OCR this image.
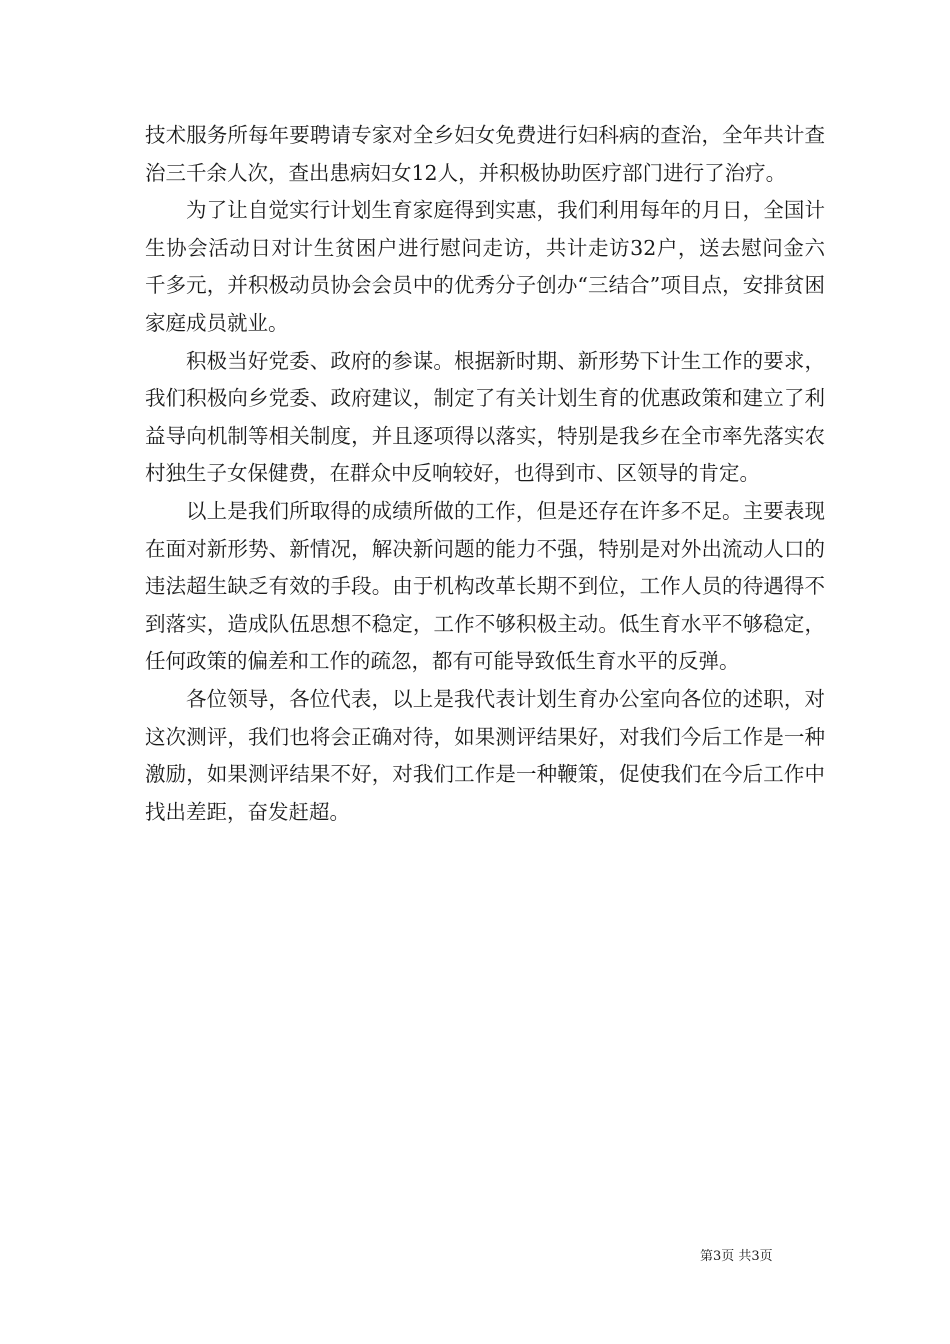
技术服务所每年要聘请专家对全乡妇女免费进行妇科病的查治，全年共计查治三千余人次，查出患病妇女12人，并积极协助医疗部门进行了治疗。

为了让自觉实行计划生育家庭得到实惠，我们利用每年的月日，全国计生协会活动日对计生贫困户进行慰问走访，共计走访32户，送去慰问金六千多元，并积极动员协会会员中的优秀分子创办“三结合”项目点，安排贫困家庭成员就业。

积极当好党委、政府的参谋。根据新时期、新形势下计生工作的要求，我们积极向乡党委、政府建议，制定了有关计划生育的优惠政策和建立了利益导向机制等相关制度，并且逐项得以落实，特别是我乡在全市率先落实农村独生子女保健费，在群众中反响较好，也得到市、区领导的肯定。

以上是我们所取得的成绩所做的工作，但是还存在许多不足。主要表现在面对新形势、新情况，解决新问题的能力不强，特别是对外出流动人口的违法超生缺乏有效的手段。由于机构改革长期不到位，工作人员的待遇得不到落实，造成队伍思想不稳定，工作不够积极主动。低生育水平不够稳定，任何政策的偏差和工作的疏忽，都有可能导致低生育水平的反弹。

各位领导，各位代表，以上是我代表计划生育办公室向各位的述职，对这次测评，我们也将会正确对待，如果测评结果好，对我们今后工作是一种激励，如果测评结果不好，对我们工作是一种鞭策，促使我们在今后工作中找出差距，奋发赶超。

第3页 共3页
